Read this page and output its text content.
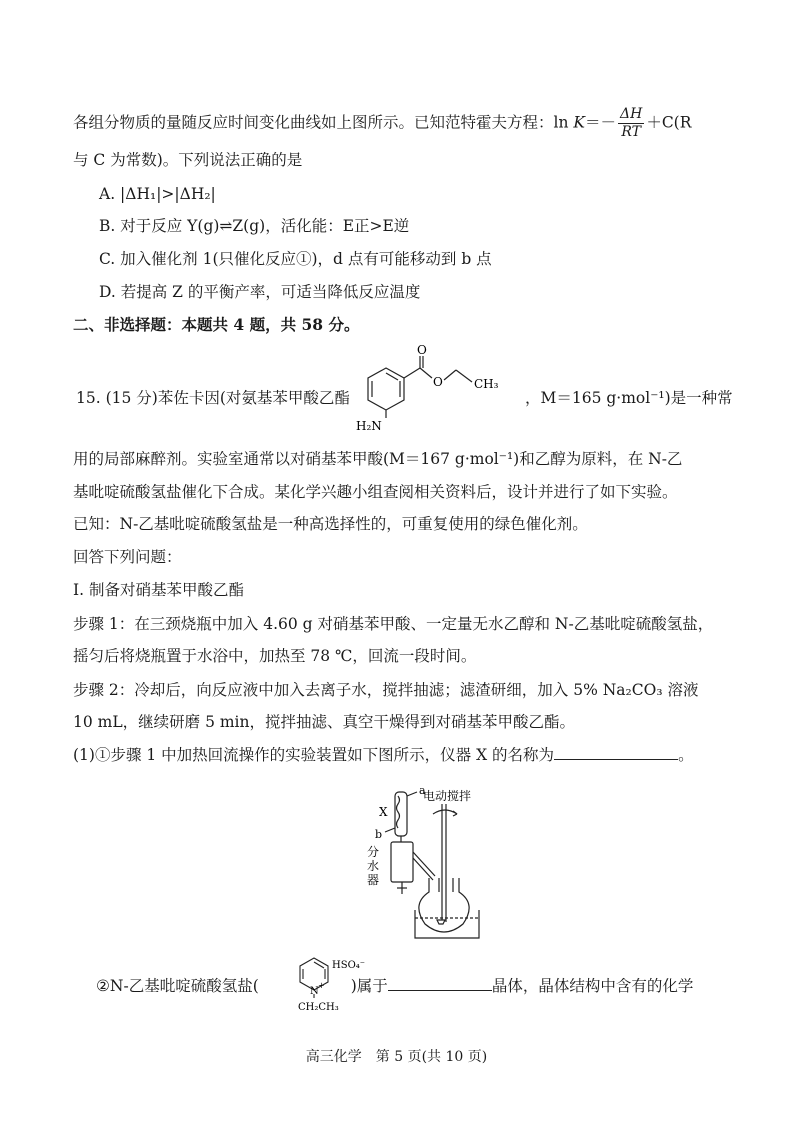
各组分物质的量随反应时间变化曲线如上图所示。已知范特霍夫方程：$\ln K=- \frac{\Delta H}{RT} +C(R$
与 C 为常数)。下列说法正确的是
A. |ΔH₁|>|ΔH₂|
B. 对于反应 Y(g)⇌Z(g)，活化能：E正>E逆
C. 加入催化剂 1(只催化反应①)，d 点有可能移动到 b 点
D. 若提高 Z 的平衡产率，可适当降低反应温度
二、非选择题：本题共 4 题，共 58 分。
15. (15 分)苯佐卡因(对氨基苯甲酸乙酯
O
O	CH₃
H₂N
，M＝165 g·mol⁻¹)是一种常
用的局部麻醉剂。实验室通常以对硝基苯甲酸(M＝167 g·mol⁻¹)和乙醇为原料，在 N-乙
基吡啶硫酸氢盐催化下合成。某化学兴趣小组查阅相关资料后，设计并进行了如下实验。
已知：N-乙基吡啶硫酸氢盐是一种高选择性的，可重复使用的绿色催化剂。
回答下列问题：
Ⅰ. 制备对硝基苯甲酸乙酯
步骤 1：在三颈烧瓶中加入 4.60 g 对硝基苯甲酸、一定量无水乙醇和 N-乙基吡啶硫酸氢盐，
摇匀后将烧瓶置于水浴中，加热至 78 ℃，回流一段时间。
步骤 2：冷却后，向反应液中加入去离子水，搅拌抽滤；滤渣研细，加入 5% Na₂CO₃ 溶液
10 mL，继续研磨 5 min，搅拌抽滤、真空干燥得到对硝基苯甲酸乙酯。
(1)①步骤 1 中加热回流操作的实验装置如下图所示，仪器 X 的名称为	。
X
a
b
电动搅拌
分
水
器
②N-乙基吡啶硫酸氢盐(	)属于	晶体，晶体结构中含有的化学
N
+
CH₂CH₃
HSO₄⁻
高三化学　第 5 页(共 10 页)
